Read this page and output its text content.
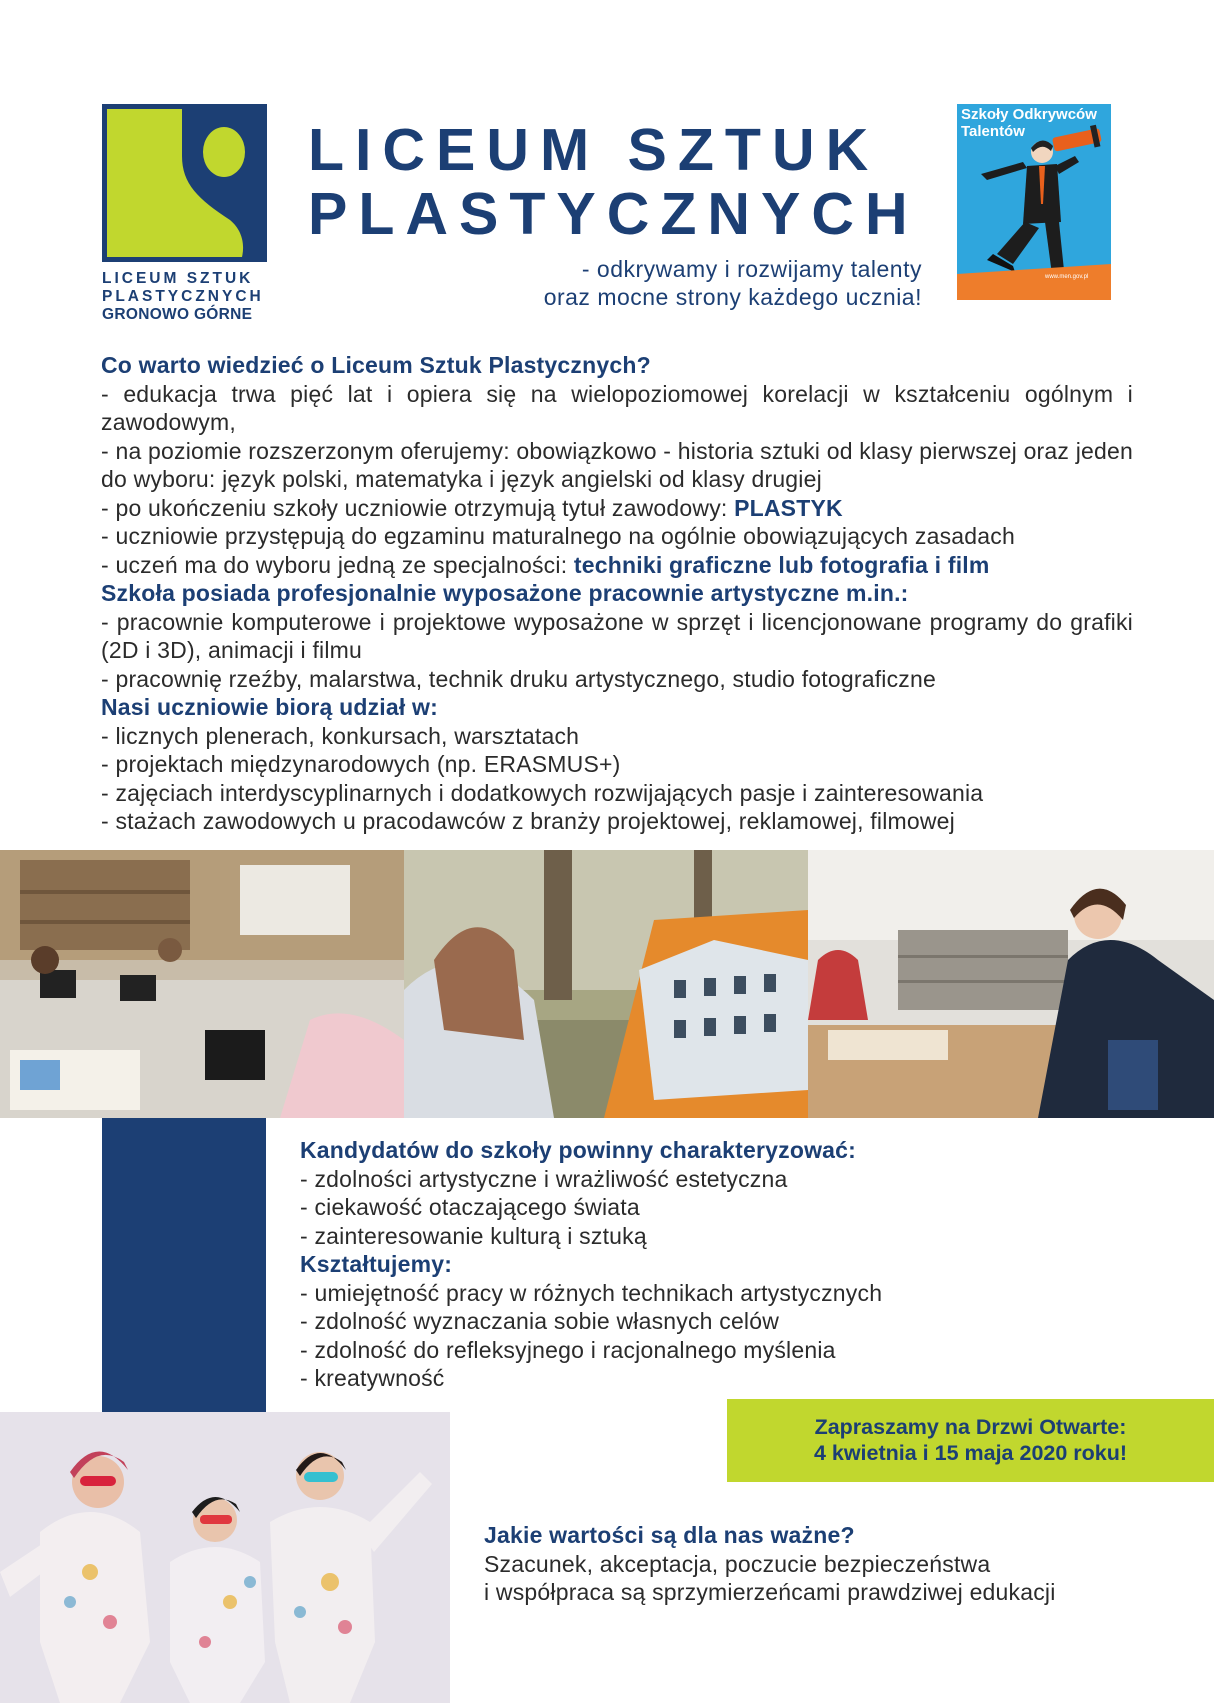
LICEUM SZTUK
PLASTYCZNYCH
GRONOWO GÓRNE
LICEUM SZTUK
PLASTYCZNYCH
- odkrywamy i rozwijamy talenty
oraz mocne strony każdego ucznia!
Szkoły Odkrywców
Talentów
www.men.gov.pl

Co warto wiedzieć o Liceum Sztuk Plastycznych?

- edukacja trwa pięć lat i opiera się na wielopoziomowej korelacji w kształceniu ogólnym i zawodowym,

- na poziomie rozszerzonym oferujemy: obowiązkowo - historia sztuki od klasy pierwszej oraz jeden do wyboru: język polski, matematyka i język angielski od klasy drugiej

- po ukończeniu szkoły uczniowie otrzymują tytuł zawodowy: PLASTYK

- uczniowie przystępują do egzaminu maturalnego na ogólnie obowiązujących zasadach

- uczeń ma do wyboru jedną ze specjalności: techniki graficzne lub fotografia i film

Szkoła posiada profesjonalnie wyposażone pracownie artystyczne m.in.:

- pracownie komputerowe i projektowe wyposażone w sprzęt i licencjonowane programy do grafiki (2D i 3D), animacji i filmu

- pracownię rzeźby, malarstwa, technik druku artystycznego, studio fotograficzne

Nasi uczniowie biorą udział w:

- licznych plenerach, konkursach, warsztatach

- projektach międzynarodowych (np. ERASMUS+)

- zajęciach interdyscyplinarnych i dodatkowych rozwijających pasje i zainteresowania

- stażach zawodowych u pracodawców z branży projektowej, reklamowej, filmowej

Kandydatów do szkoły powinny charakteryzować:

- zdolności artystyczne i wrażliwość estetyczna

- ciekawość otaczającego świata

- zainteresowanie kulturą i sztuką

Kształtujemy:

- umiejętność pracy w różnych technikach artystycznych

- zdolność wyznaczania sobie własnych celów

- zdolność do refleksyjnego i racjonalnego myślenia

- kreatywność

Zapraszamy na Drzwi Otwarte:
4 kwietnia i 15 maja 2020 roku!

Jakie wartości są dla nas ważne?

Szacunek, akceptacja, poczucie bezpieczeństwa

i współpraca są sprzymierzeńcami prawdziwej edukacji
